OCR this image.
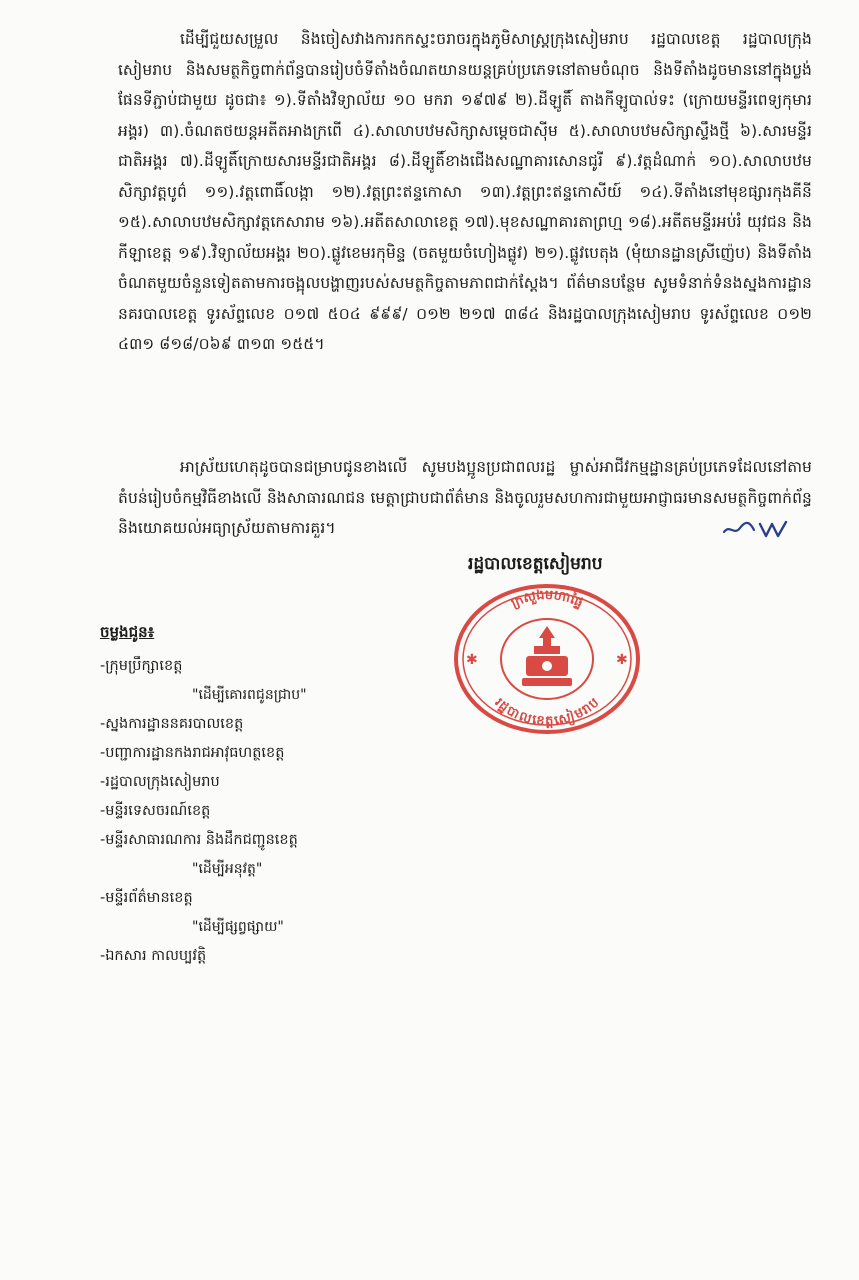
ដើម្បីជួយសម្រួល និងចៀសវាងការកកស្ទះចរាចរក្នុងភូមិសាស្ត្រក្រុងសៀមរាប រដ្ឋបាលខេត្ត រដ្ឋបាលក្រុងសៀមរាប និងសមត្ថកិច្ចពាក់ព័ន្ធបានរៀបចំទីតាំងចំណតយានយន្តគ្រប់ប្រភេទនៅតាមចំណុច និងទីតាំងដូចមាននៅក្នុងប្លង់ផែនទីភ្ជាប់ជាមួយ ដូចជា៖ ១).ទីតាំងវិទ្យាល័យ ១០ មករា ១៩៧៩ ២).ដីឡូតិ៍ តាងកីឡូបាល់ទះ (ក្រោយមន្ទីរពេទ្យកុមារអង្គរ) ៣).ចំណតថយន្តអតីតអាងក្រពើ ៤).សាលាបឋមសិក្សាសម្ដេចជាស៊ីម ៥).សាលាបឋមសិក្សាស្ទឹងថ្មី ៦).សារមន្ទីរជាតិអង្គរ ៧).ដីឡូតិ៍ក្រោយសារមន្ទីរជាតិអង្គរ ៨).ដីឡូតិ៍ខាងជើងសណ្ឋាគារសោនជូរី ៩).វត្តដំណាក់ ១០).សាលាបឋមសិក្សាវត្តបូព៌ ១១).វត្តពោធិ៍លង្កា ១២).វត្តព្រះឥន្ទកោសា ១៣).វត្តព្រះឥន្ទកោសីយ៍ ១៤).ទីតាំងនៅមុខផ្សារកុងគីនី ១៥).សាលាបឋមសិក្សាវត្តកេសារាម ១៦).អតីតសាលាខេត្ត ១៧).មុខសណ្ឋាគារតាព្រហ្ម ១៨).អតីតមន្ទីរអប់រំ យុវជន និងកីឡាខេត្ត ១៩).វិទ្យាល័យអង្គរ ២០).ផ្លូវខេមរកុមិន្ទ (ចតមួយចំហៀងផ្លូវ) ២១).ផ្លូវបេតុង (មុំយានដ្ឋានស្រីញ៉េប) និងទីតាំងចំណតមួយចំនួនទៀតតាមការចង្អុលបង្ហាញរបស់សមត្ថកិច្ចតាមភាពជាក់ស្ដែង។ ព័ត៌មានបន្ថែម សូមទំនាក់ទំនងស្នងការដ្ឋាននគរបាលខេត្ត ទូរស័ព្ទលេខ ០១៧ ៥០៤ ៩៩៩/ ០១២ ២១៧ ៣៨៤ និងរដ្ឋបាលក្រុងសៀមរាប ទូរស័ព្ទលេខ ០១២ ៤៣១ ៨១៨/០៦៩ ៣១៣ ១៥៥។

អាស្រ័យហេតុដូចបានជម្រាបជូនខាងលើ សូមបងប្អូនប្រជាពលរដ្ឋ ម្ចាស់អាជីវកម្មដ្ឋានគ្រប់ប្រភេទដែលនៅតាមតំបន់រៀបចំកម្មវិធីខាងលើ និងសាធារណជន មេត្តាជ្រាបជាព័ត៌មាន និងចូលរួមសហការជាមួយអាជ្ញាធរមានសមត្ថកិច្ចពាក់ព័ន្ធ និងយោគយល់អធ្យាស្រ័យតាមការគួរ។

រដ្ឋបាលខេត្តសៀមរាប

ក្រសួងមហាផ្ទៃ
រដ្ឋបាលខេត្តសៀមរាប
✱	✱

ចម្លងជូន៖

-ក្រុមប្រឹក្សាខេត្ត
"ដើម្បីគោរពជូនជ្រាប"
-ស្នងការដ្ឋាននគរបាលខេត្ត
-បញ្ជាការដ្ឋានកងរាជអាវុធហត្ថខេត្ត
-រដ្ឋបាលក្រុងសៀមរាប
-មន្ទីរទេសចរណ៍ខេត្ត
-មន្ទីរសាធារណការ និងដឹកជញ្ជូនខេត្ត
"ដើម្បីអនុវត្ត"
-មន្ទីរព័ត៌មានខេត្ត
"ដើម្បីផ្សព្វផ្សាយ"
-ឯកសារ កាលប្បវត្តិ
